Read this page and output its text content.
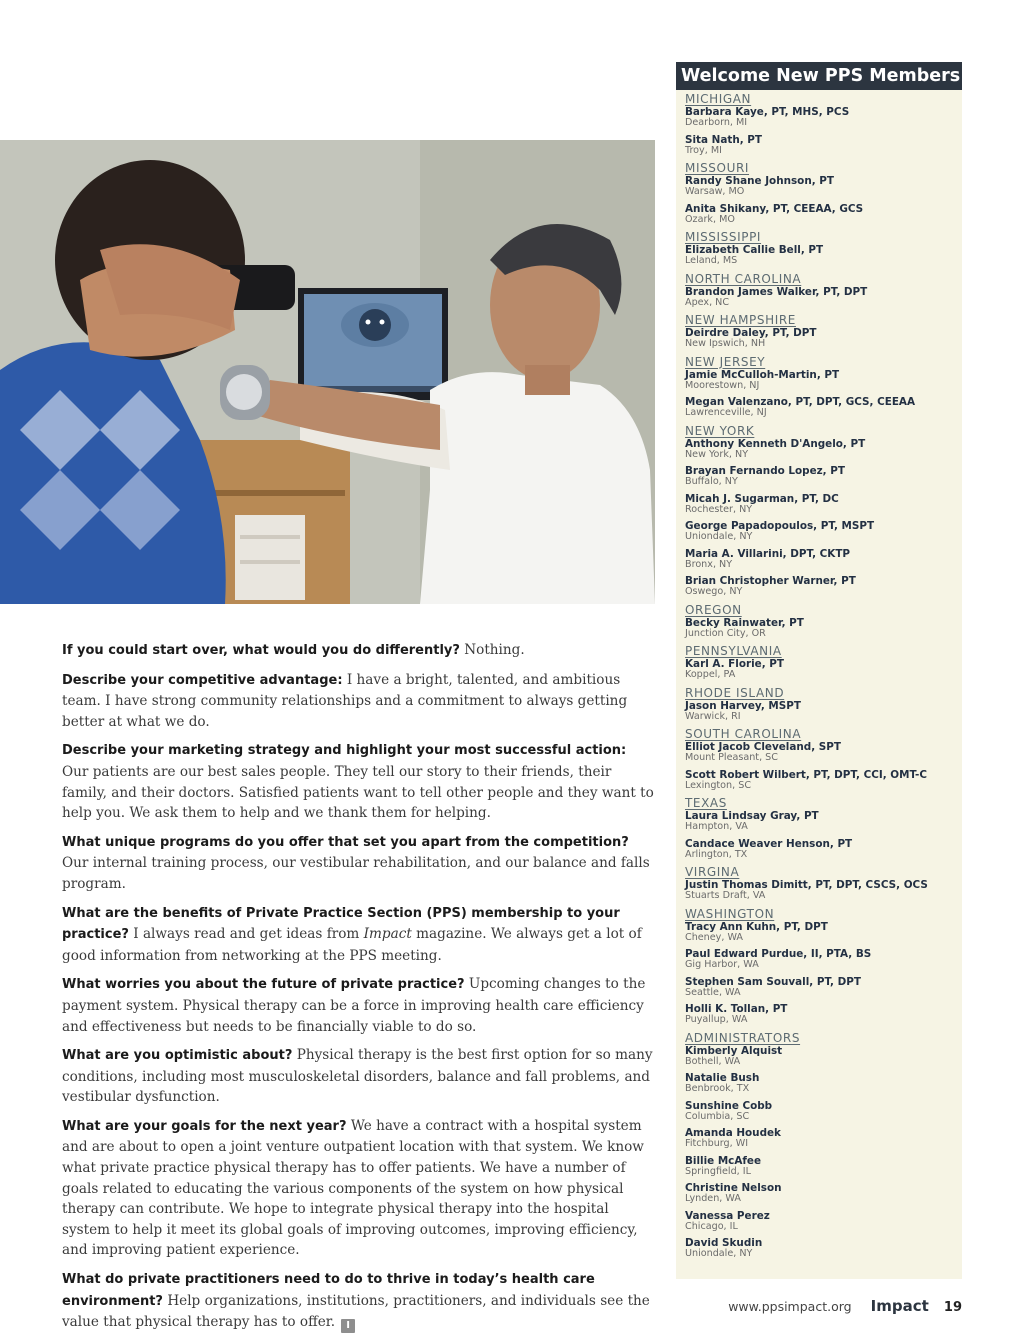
If you could start over, what would you do differently? Nothing.

Describe your competitive advantage: I have a bright, talented, and ambitious team. I have strong community relationships and a commitment to always getting better at what we do.

Describe your marketing strategy and highlight your most successful action: Our patients are our best sales people. They tell our story to their friends, their family, and their doctors. Satisfied patients want to tell other people and they want to help you. We ask them to help and we thank them for helping.

What unique programs do you offer that set you apart from the competition? Our internal training process, our vestibular rehabilitation, and our balance and falls program.

What are the benefits of Private Practice Section (PPS) membership to your practice? I always read and get ideas from Impact magazine. We always get a lot of good information from networking at the PPS meeting.

What worries you about the future of private practice? Upcoming changes to the payment system. Physical therapy can be a force in improving health care efficiency and effectiveness but needs to be financially viable to do so.

What are you optimistic about? Physical therapy is the best first option for so many conditions, including most musculoskeletal disorders, balance and fall problems, and vestibular dysfunction.

What are your goals for the next year? We have a contract with a hospital system and are about to open a joint venture outpatient location with that system. We know what private practice physical therapy has to offer patients. We have a number of goals related to educating the various components of the system on how physical therapy can contribute. We hope to integrate physical therapy into the hospital system to help it meet its global goals of improving outcomes, improving efficiency, and improving patient experience.

What do private practitioners need to do to thrive in today’s health care environment? Help organizations, institutions, practitioners, and individuals see the value that physical therapy has to offer. I

Welcome New PPS Members!
MICHIGAN
Barbara Kaye, PT, MHS, PCS
Dearborn, MI
Sita Nath, PT
Troy, MI
MISSOURI
Randy Shane Johnson, PT
Warsaw, MO
Anita Shikany, PT, CEEAA, GCS
Ozark, MO
MISSISSIPPI
Elizabeth Callie Bell, PT
Leland, MS
NORTH CAROLINA
Brandon James Walker, PT, DPT
Apex, NC
NEW HAMPSHIRE
Deirdre Daley, PT, DPT
New Ipswich, NH
NEW JERSEY
Jamie McCulloh-Martin, PT
Moorestown, NJ
Megan Valenzano, PT, DPT, GCS, CEEAA
Lawrenceville, NJ
NEW YORK
Anthony Kenneth D'Angelo, PT
New York, NY
Brayan Fernando Lopez, PT
Buffalo, NY
Micah J. Sugarman, PT, DC
Rochester, NY
George Papadopoulos, PT, MSPT
Uniondale, NY
Maria A. Villarini, DPT, CKTP
Bronx, NY
Brian Christopher Warner, PT
Oswego, NY
OREGON
Becky Rainwater, PT
Junction City, OR
PENNSYLVANIA
Karl A. Florie, PT
Koppel, PA
RHODE ISLAND
Jason Harvey, MSPT
Warwick, RI
SOUTH CAROLINA
Elliot Jacob Cleveland, SPT
Mount Pleasant, SC
Scott Robert Wilbert, PT, DPT, CCI, OMT-C
Lexington, SC
TEXAS
Laura Lindsay Gray, PT
Hampton, VA
Candace Weaver Henson, PT
Arlington, TX
VIRGINA
Justin Thomas Dimitt, PT, DPT, CSCS, OCS
Stuarts Draft, VA
WASHINGTON
Tracy Ann Kuhn, PT, DPT
Cheney, WA
Paul Edward Purdue, II, PTA, BS
Gig Harbor, WA
Stephen Sam Souvall, PT, DPT
Seattle, WA
Holli K. Tollan, PT
Puyallup, WA
ADMINISTRATORS
Kimberly Alquist
Bothell, WA
Natalie Bush
Benbrook, TX
Sunshine Cobb
Columbia, SC
Amanda Houdek
Fitchburg, WI
Billie McAfee
Springfield, IL
Christine Nelson
Lynden, WA
Vanessa Perez
Chicago, IL
David Skudin
Uniondale, NY
www.ppsimpact.org Impact 19
